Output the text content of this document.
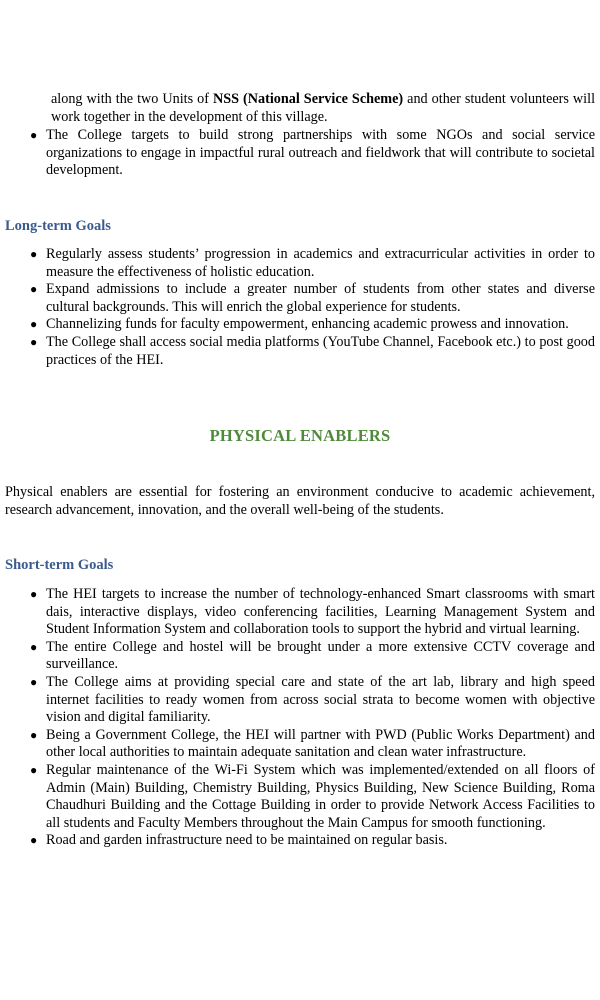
along with the two Units of NSS (National Service Scheme) and other student volunteers will work together in the development of this village.
● The College targets to build strong partnerships with some NGOs and social service organizations to engage in impactful rural outreach and fieldwork that will contribute to societal development.
Long-term Goals
● Regularly assess students’ progression in academics and extracurricular activities in order to measure the effectiveness of holistic education.
● Expand admissions to include a greater number of students from other states and diverse cultural backgrounds. This will enrich the global experience for students.
● Channelizing funds for faculty empowerment, enhancing academic prowess and innovation.
● The College shall access social media platforms (YouTube Channel, Facebook etc.) to post good practices of the HEI.
PHYSICAL ENABLERS
Physical enablers are essential for fostering an environment conducive to academic achievement, research advancement, innovation, and the overall well-being of the students.
Short-term Goals
● The HEI targets to increase the number of technology-enhanced Smart classrooms with smart dais, interactive displays, video conferencing facilities, Learning Management System and Student Information System and collaboration tools to support the hybrid and virtual learning.
● The entire College and hostel will be brought under a more extensive CCTV coverage and surveillance.
● The College aims at providing special care and state of the art lab, library and high speed internet facilities to ready women from across social strata to become women with objective vision and digital familiarity.
● Being a Government College, the HEI will partner with PWD (Public Works Department) and other local authorities to maintain adequate sanitation and clean water infrastructure.
● Regular maintenance of the Wi-Fi System which was implemented/extended on all floors of Admin (Main) Building, Chemistry Building, Physics Building, New Science Building, Roma Chaudhuri Building and the Cottage Building in order to provide Network Access Facilities to all students and Faculty Members throughout the Main Campus for smooth functioning.
● Road and garden infrastructure need to be maintained on regular basis.
